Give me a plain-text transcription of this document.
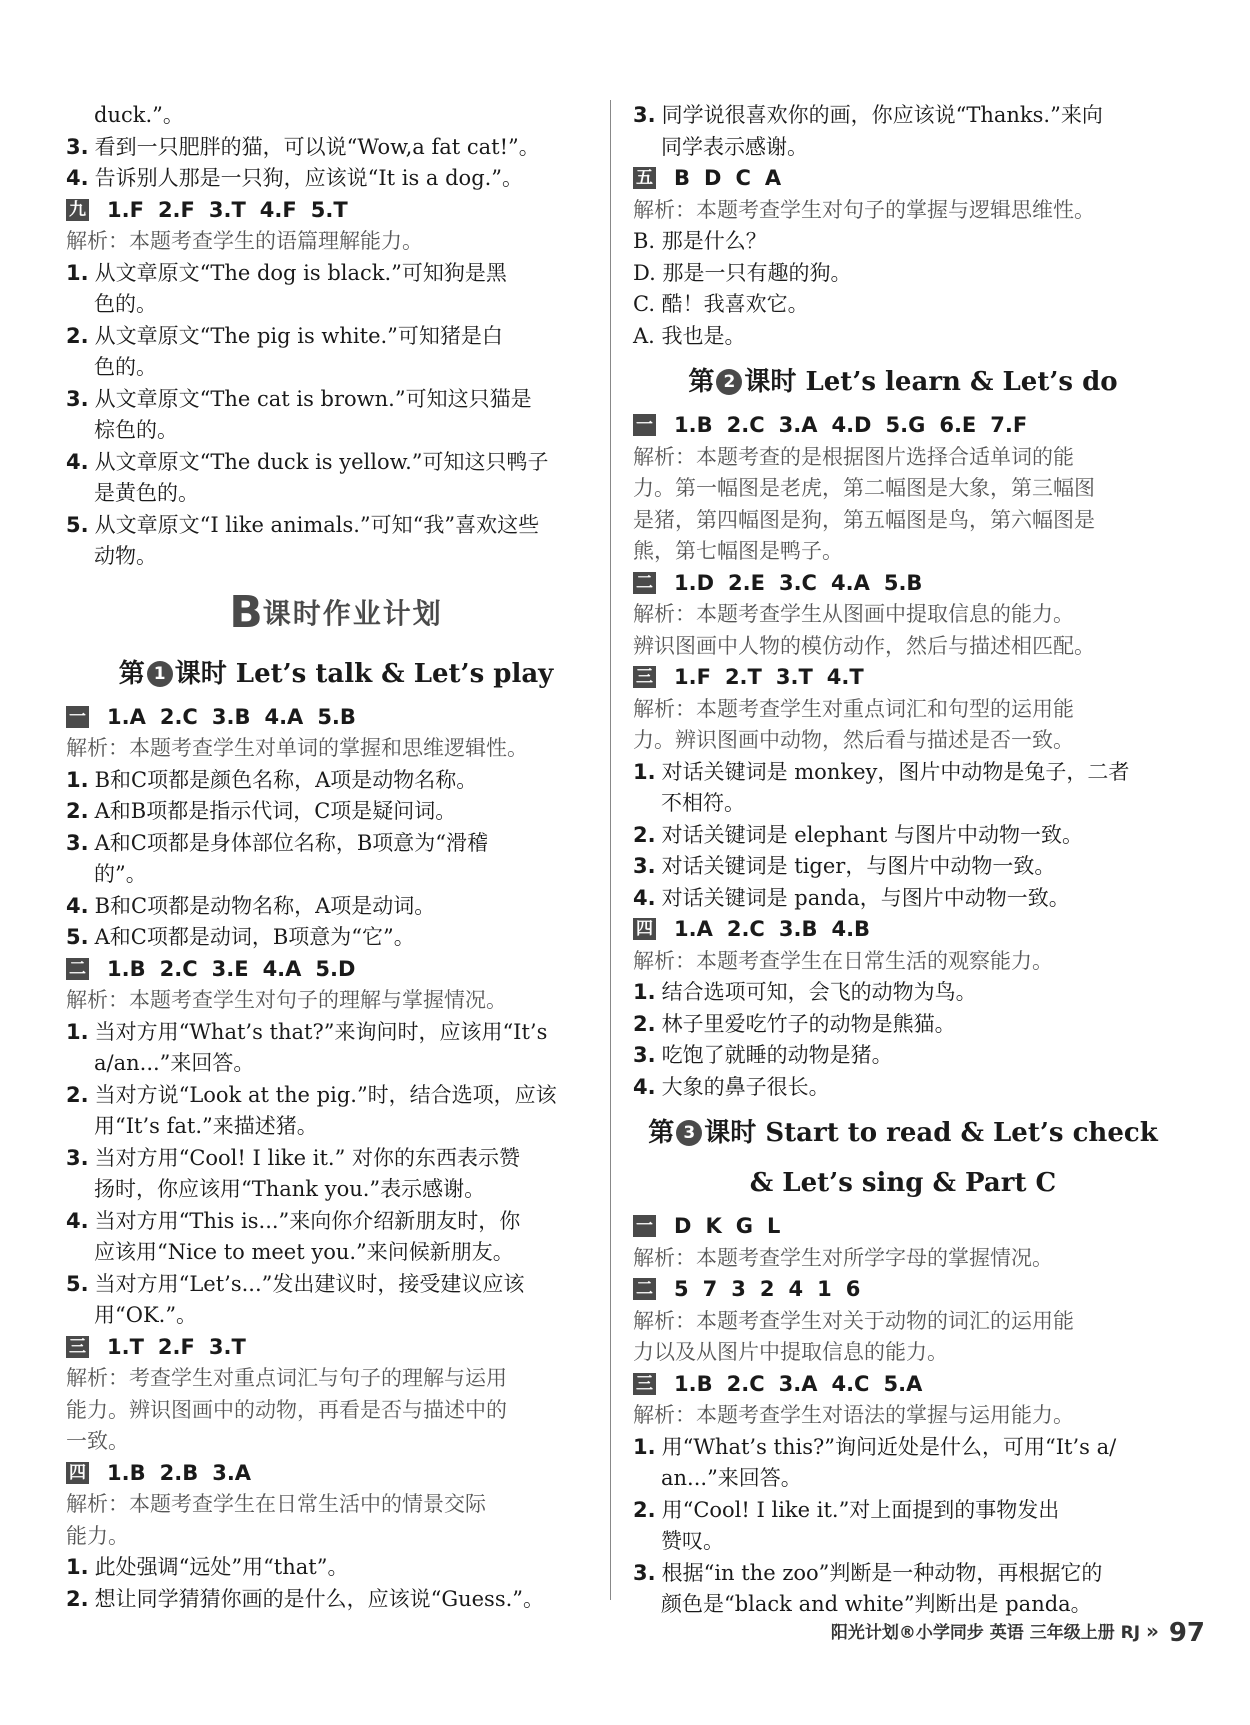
duck.”。
3. 看到一只肥胖的猫，可以说“Wow,a fat cat!”。
4. 告诉别人那是一只狗，应该说“It is a dog.”。
九 1.F 2.F 3.T 4.F 5.T
解析：本题考查学生的语篇理解能力。
1. 从文章原文“The dog is black.”可知狗是黑
色的。
2. 从文章原文“The pig is white.”可知猪是白
色的。
3. 从文章原文“The cat is brown.”可知这只猫是
棕色的。
4. 从文章原文“The duck is yellow.”可知这只鸭子
是黄色的。
5. 从文章原文“I like animals.”可知“我”喜欢这些
动物。
B课时作业计划
第 1 课时 Let’s talk & Let’s play
一 1.A 2.C 3.B 4.A 5.B
解析：本题考查学生对单词的掌握和思维逻辑性。
1. B和C项都是颜色名称，A项是动物名称。
2. A和B项都是指示代词，C项是疑问词。
3. A和C项都是身体部位名称，B项意为“滑稽
的”。
4. B和C项都是动物名称，A项是动词。
5. A和C项都是动词，B项意为“它”。
二 1.B 2.C 3.E 4.A 5.D
解析：本题考查学生对句子的理解与掌握情况。
1. 当对方用“What’s that?”来询问时，应该用“It’s
a/an...”来回答。
2. 当对方说“Look at the pig.”时，结合选项，应该
用“It’s fat.”来描述猪。
3. 当对方用“Cool! I like it.” 对你的东西表示赞
扬时，你应该用“Thank you.”表示感谢。
4. 当对方用“This is...”来向你介绍新朋友时，你
应该用“Nice to meet you.”来问候新朋友。
5. 当对方用“Let’s...”发出建议时，接受建议应该
用“OK.”。
三 1.T 2.F 3.T
解析：考查学生对重点词汇与句子的理解与运用
能力。辨识图画中的动物，再看是否与描述中的
一致。
四 1.B 2.B 3.A
解析：本题考查学生在日常生活中的情景交际
能力。
1. 此处强调“远处”用“that”。
2. 想让同学猜猜你画的是什么，应该说“Guess.”。
3. 同学说很喜欢你的画，你应该说“Thanks.”来向
同学表示感谢。
五 B D C A
解析：本题考查学生对句子的掌握与逻辑思维性。
B. 那是什么？
D. 那是一只有趣的狗。
C. 酷！我喜欢它。
A. 我也是。
第 2 课时 Let’s learn & Let’s do
一 1.B 2.C 3.A 4.D 5.G 6.E 7.F
解析：本题考查的是根据图片选择合适单词的能
力。第一幅图是老虎，第二幅图是大象，第三幅图
是猪，第四幅图是狗，第五幅图是鸟，第六幅图是
熊，第七幅图是鸭子。
二 1.D 2.E 3.C 4.A 5.B
解析：本题考查学生从图画中提取信息的能力。
辨识图画中人物的模仿动作，然后与描述相匹配。
三 1.F 2.T 3.T 4.T
解析：本题考查学生对重点词汇和句型的运用能
力。辨识图画中动物，然后看与描述是否一致。
1. 对话关键词是 monkey，图片中动物是兔子，二者
不相符。
2. 对话关键词是 elephant 与图片中动物一致。
3. 对话关键词是 tiger，与图片中动物一致。
4. 对话关键词是 panda，与图片中动物一致。
四 1.A 2.C 3.B 4.B
解析：本题考查学生在日常生活的观察能力。
1. 结合选项可知，会飞的动物为鸟。
2. 林子里爱吃竹子的动物是熊猫。
3. 吃饱了就睡的动物是猪。
4. 大象的鼻子很长。
第 3 课时 Start to read & Let’s check
& Let’s sing & Part C
一 D K G L
解析：本题考查学生对所学字母的掌握情况。
二 5 7 3 2 4 1 6
解析：本题考查学生对关于动物的词汇的运用能
力以及从图片中提取信息的能力。
三 1.B 2.C 3.A 4.C 5.A
解析：本题考查学生对语法的掌握与运用能力。
1. 用“What’s this?”询问近处是什么，可用“It’s a/
an...”来回答。
2. 用“Cool! I like it.”对上面提到的事物发出
赞叹。
3. 根据“in the zoo”判断是一种动物，再根据它的
颜色是“black and white”判断出是 panda。
阳光计划®小学同步 英语 三年级上册 RJ » 97
